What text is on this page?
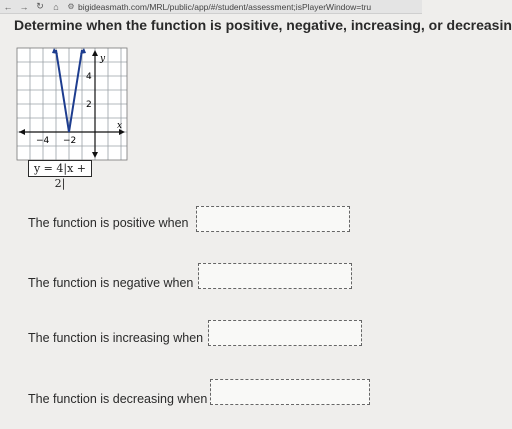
← → ↻	⌂	⚙ bigideasmath.com/MRL/public/app/#/student/assessment;isPlayerWindow=tru
Determine when the function is positive, negative, increasing, or decreasin
y
x
4
2
−4 −2
y = 4|x + 2|
The function is positive when
The function is negative when
The function is increasing when
The function is decreasing when
